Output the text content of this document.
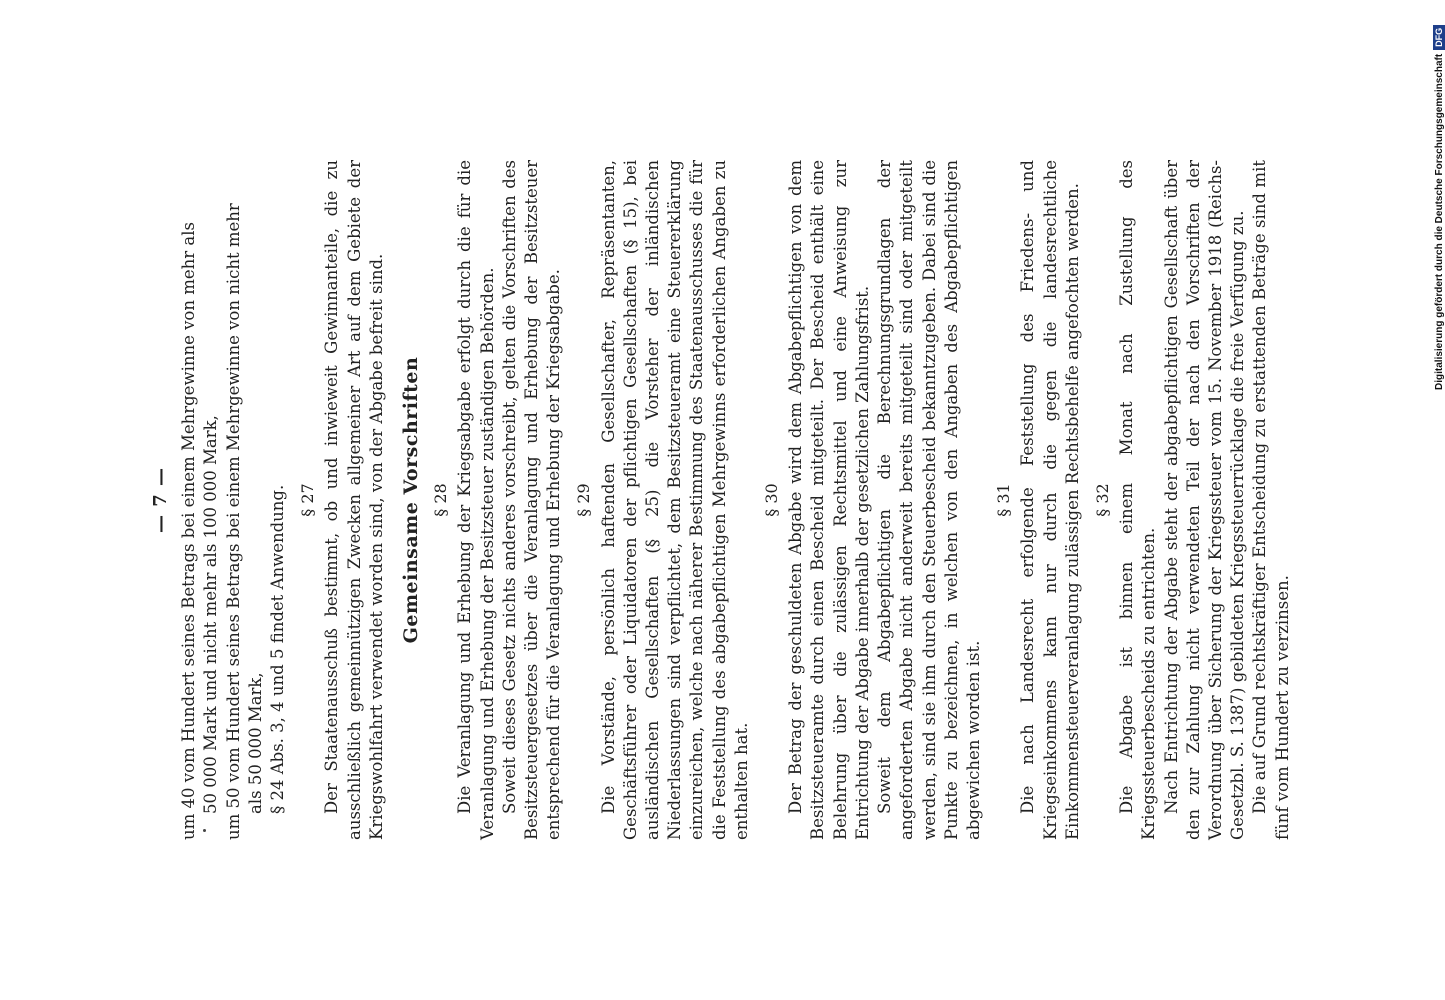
— 7 — um 40 vom Hundert seines Betrags bei einem Mehrgewinne von mehr als 50 000 Mark und nicht mehr als 100 000 Mark, um 50 vom Hundert seines Betrags bei einem Mehrgewinne von nicht mehr als 50 000 Mark, § 24 Abs. 3, 4 und 5 findet Anwendung. § 27 Der Staatenausschuß bestimmt, ob und inwieweit Gewinnanteile, die zu ausschließlich gemeinnützigen Zwecken allgemeiner Art auf dem Gebiete der Kriegswohlfahrt verwendet worden sind, von der Abgabe befreit sind. Gemeinsame Vorschriften § 28 Die Veranlagung und Erhebung der Kriegsabgabe erfolgt durch die für die Veranlagung und Erhebung der Besitzsteuer zuständigen Behörden. Soweit dieses Gesetz nichts anderes vorschreibt, gelten die Vorschriften des Besitzsteuergesetzes über die Veranlagung und Erhebung der Besitzsteuer entsprechend für die Veranlagung und Erhebung der Kriegsabgabe. § 29 Die Vorstände, persönlich haftenden Gesellschafter, Repräsentanten, Geschäftsführer oder Liquidatoren der pflichtigen Gesellschaften (§ 15), bei ausländischen Gesellschaften (§ 25) die Vorsteher der inländischen Niederlassungen sind verpflichtet, dem Besitzsteueramt eine Steuererklärung einzureichen, welche nach näherer Bestimmung des Staatenausschusses die für die Feststellung des abgabepflichtigen Mehrgewinns erforderlichen Angaben zu enthalten hat.

§ 30 Der Betrag der geschuldeten Abgabe wird dem Abgabepflichtigen von dem Besitzsteueramte durch einen Bescheid mitgeteilt. Der Bescheid enthält eine Belehrung über die zulässigen Rechtsmittel und eine Anweisung zur Entrichtung der Abgabe innerhalb der gesetzlichen Zahlungsfrist. Soweit dem Abgabepflichtigen die Berechnungsgrundlagen der angeforderten Abgabe nicht anderweit bereits mitgeteilt sind oder mitgeteilt werden, sind sie ihm durch den Steuerbescheid bekanntzugeben. Dabei sind die Punkte zu bezeichnen, in welchen von den Angaben des Abgabepflichtigen abgewichen worden ist.

§ 31 Die nach Landesrecht erfolgende Feststellung des Friedens- und Kriegseinkommens kann nur durch die gegen die landesrechtliche Einkommensteuerveranlagung zulässigen Rechtsbehelfe angefochten werden. § 32 Die Abgabe ist binnen einem Monat nach Zustellung des Kriegssteuerbescheids zu entrichten. Nach Entrichtung der Abgabe steht der abgabepflichtigen Gesellschaft über den zur Zahlung nicht verwendeten Teil der nach den Vorschriften der Verordnung über Sicherung der Kriegssteuer vom 15. November 1918 (Reichs-Gesetzbl. S. 1387) gebildeten Kriegssteuerrücklage die freie Verfügung zu. Die auf Grund rechtskräftiger Entscheidung zu erstattenden Beträge sind mit fünf vom Hundert zu verzinsen.

Digitalisierung gefördert durch die Deutsche ForschungsgemeinschaftDFG
